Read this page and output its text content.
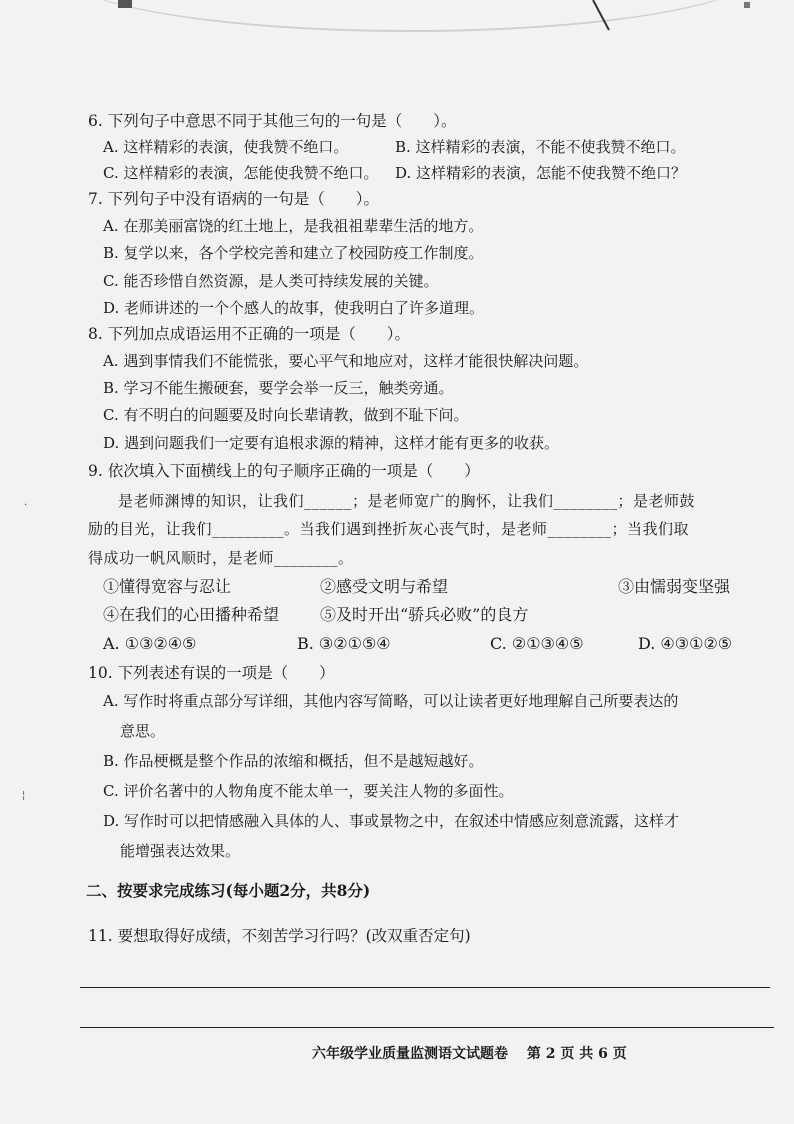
·
¦
6. 下列句子中意思不同于其他三句的一句是（　　）。
A. 这样精彩的表演，使我赞不绝口。	B. 这样精彩的表演，不能不使我赞不绝口。
C. 这样精彩的表演，怎能使我赞不绝口。 D. 这样精彩的表演，怎能不使我赞不绝口？
7. 下列句子中没有语病的一句是（　　）。
A. 在那美丽富饶的红土地上，是我祖祖辈辈生活的地方。
B. 复学以来，各个学校完善和建立了校园防疫工作制度。
C. 能否珍惜自然资源，是人类可持续发展的关键。
D. 老师讲述的一个个感人的故事，使我明白了许多道理。
8. 下列加点成语运用不正确的一项是（　　）。
A. 遇到事情我们不能慌张，要心平气和地应对，这样才能很快解决问题。
B. 学习不能生搬硬套，要学会举一反三，触类旁通。
C. 有不明白的问题要及时向长辈请教，做到不耻下问。
D. 遇到问题我们一定要有追根求源的精神，这样才能有更多的收获。
9. 依次填入下面横线上的句子顺序正确的一项是（　　）
是老师渊博的知识，让我们______；是老师宽广的胸怀，让我们________；是老师鼓
励的目光，让我们_________。当我们遇到挫折灰心丧气时，是老师________；当我们取
得成功一帆风顺时，是老师________。
①懂得宽容与忍让	②感受文明与希望	③由懦弱变坚强
④在我们的心田播种希望	⑤及时开出“骄兵必败”的良方
A. ①③②④⑤	B. ③②①⑤④	C. ②①③④⑤	D. ④③①②⑤
10. 下列表述有误的一项是（　　）
A. 写作时将重点部分写详细，其他内容写简略，可以让读者更好地理解自己所要表达的
意思。
B. 作品梗概是整个作品的浓缩和概括，但不是越短越好。
C. 评价名著中的人物角度不能太单一，要关注人物的多面性。
D. 写作时可以把情感融入具体的人、事或景物之中，在叙述中情感应刻意流露，这样才
能增强表达效果。
二、按要求完成练习(每小题2分，共8分)
11. 要想取得好成绩，不刻苦学习行吗？(改双重否定句)
六年级学业质量监测语文试题卷 第 2 页 共 6 页
